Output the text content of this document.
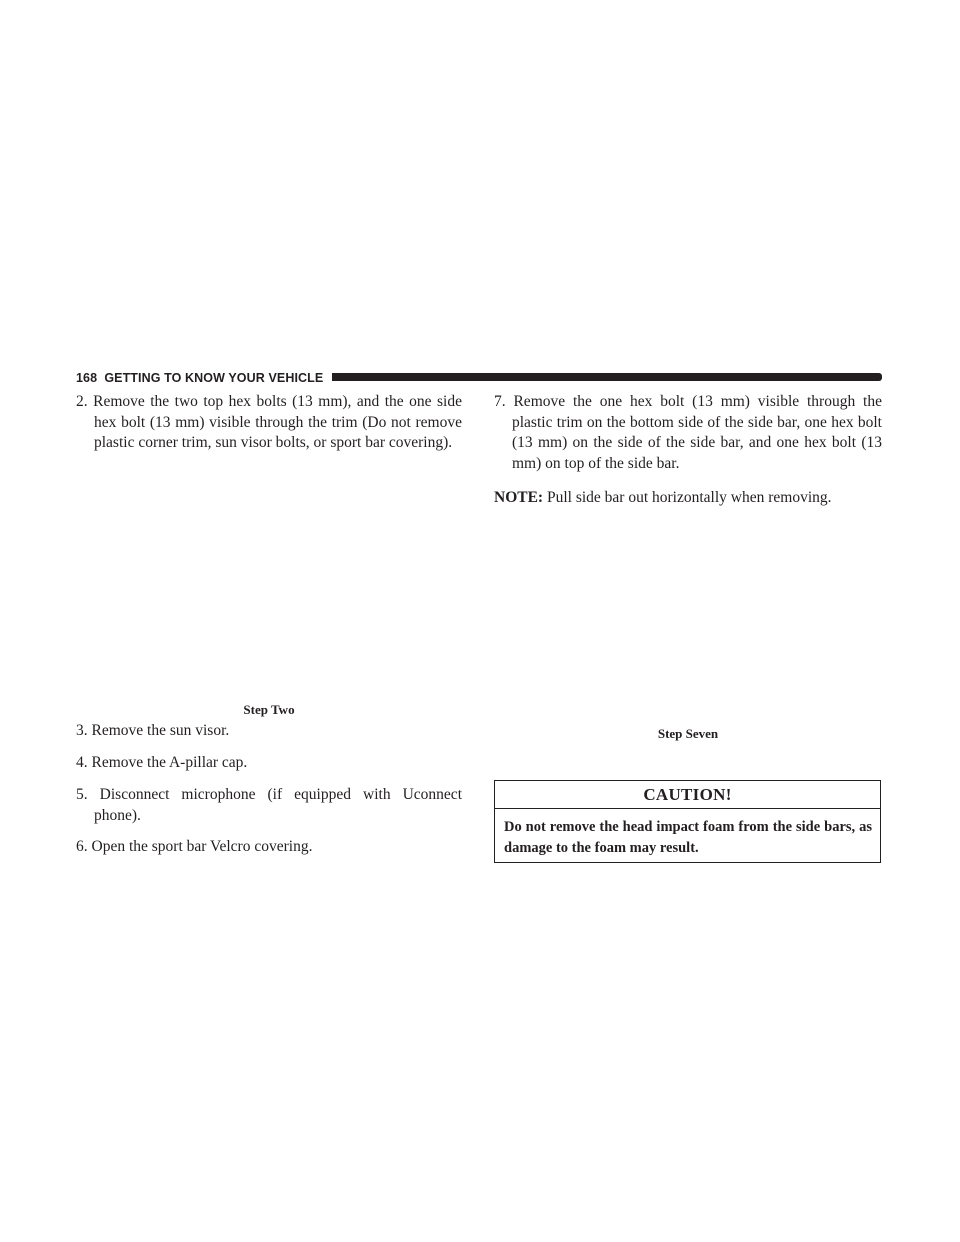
168 GETTING TO KNOW YOUR VEHICLE

2. Remove the two top hex bolts (13 mm), and the one side hex bolt (13 mm) visible through the trim (Do not remove plastic corner trim, sun visor bolts, or sport bar covering).

Step Two

3. Remove the sun visor.

4. Remove the A-pillar cap.

5. Disconnect microphone (if equipped with Uconnect phone).

6. Open the sport bar Velcro covering.

7. Remove the one hex bolt (13 mm) visible through the plastic trim on the bottom side of the side bar, one hex bolt (13 mm) on the side of the side bar, and one hex bolt (13 mm) on top of the side bar.

NOTE: Pull side bar out horizontally when removing.

Step Seven
CAUTION!
Do not remove the head impact foam from the side bars, as damage to the foam may result.
